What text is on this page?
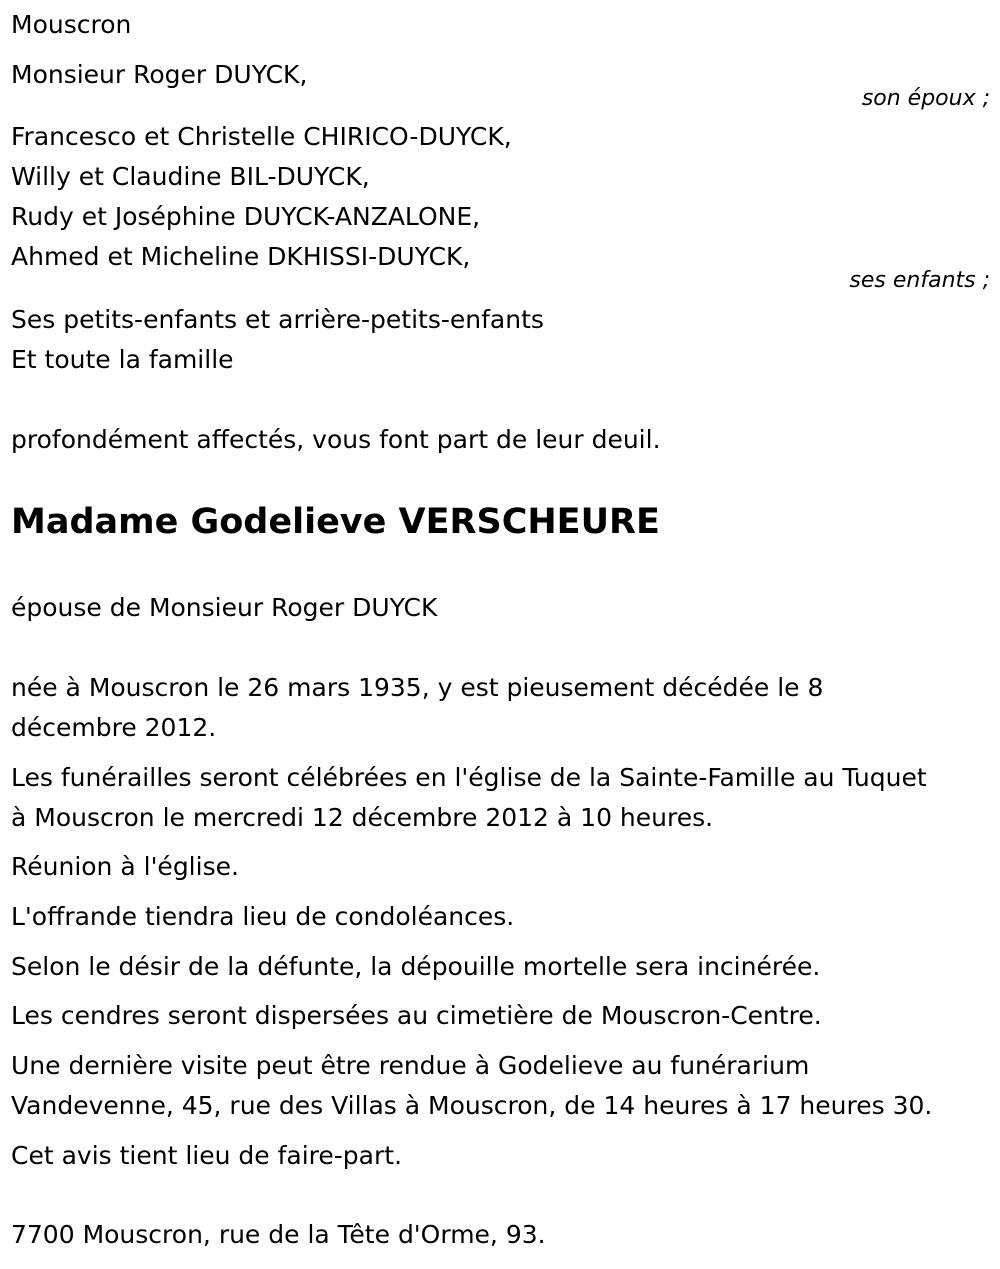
Mouscron
Monsieur Roger DUYCK,
son époux ;
Francesco et Christelle CHIRICO-DUYCK,
Willy et Claudine BIL-DUYCK,
Rudy et Joséphine DUYCK-ANZALONE,
Ahmed et Micheline DKHISSI-DUYCK,
ses enfants ;
Ses petits-enfants et arrière-petits-enfants
Et toute la famille
profondément affectés, vous font part de leur deuil.
Madame Godelieve VERSCHEURE
épouse de Monsieur Roger DUYCK
née à Mouscron le 26 mars 1935, y est pieusement décédée le 8
décembre 2012.
Les funérailles seront célébrées en l'église de la Sainte-Famille au Tuquet
à Mouscron le mercredi 12 décembre 2012 à 10 heures.
Réunion à l'église.
L'offrande tiendra lieu de condoléances.
Selon le désir de la défunte, la dépouille mortelle sera incinérée.
Les cendres seront dispersées au cimetière de Mouscron-Centre.
Une dernière visite peut être rendue à Godelieve au funérarium
Vandevenne, 45, rue des Villas à Mouscron, de 14 heures à 17 heures 30.
Cet avis tient lieu de faire-part.
7700 Mouscron, rue de la Tête d'Orme, 93.
